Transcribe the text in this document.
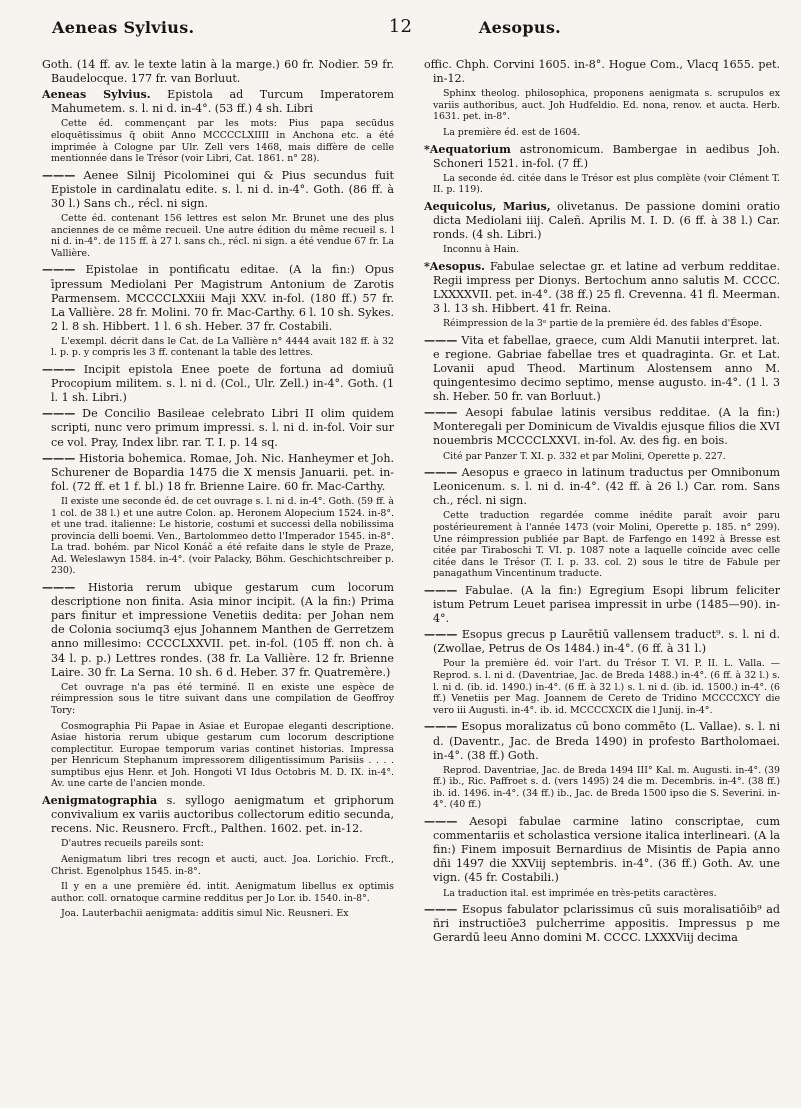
Aeneas Sylvius.	12	Aesopus.

Goth. (14 ff. av. le texte latin à la marge.) 60 fr. Nodier. 59 fr. Baudelocque. 177 fr. van Borluut.

Aeneas Sylvius. Epistola ad Turcum Imperatorem Mahumetem. s. l. ni d. in-4°. (53 ff.) 4 sh. Libri

Cette éd. commençant par les mots: Pius papa secūdus eloquētissimus q̄ obiit Anno MCCCCLXIIII in Anchona etc. a été imprimée à Cologne par Ulr. Zell vers 1468, mais diffère de celle mentionnée dans le Trésor (voir Libri, Cat. 1861. n° 28).

——— Aenee Silnij Picolominei qui & Pius secundus fuit Epistole in cardinalatu edite. s. l. ni d. in-4°. Goth. (86 ff. à 30 l.) Sans ch., récl. ni sign.

Cette éd. contenant 156 lettres est selon Mr. Brunet une des plus anciennes de ce même recueil. Une autre édition du même recueil s. l ni d. in-4°. de 115 ff. à 27 l. sans ch., récl. ni sign. a été vendue 67 fr. La Vallière.

——— Epistolae in pontificatu editae. (A la fin:) Opus īpressum Mediolani Per Magistrum Antonium de Zarotis Parmensem. MCCCCLXXiii Maji XXV. in-fol. (180 ff.) 57 fr. La Vallière. 28 fr. Molini. 70 fr. Mac-Carthy. 6 l. 10 sh. Sykes. 2 l. 8 sh. Hibbert. 1 l. 6 sh. Heber. 37 fr. Costabili.

L'exempl. décrit dans le Cat. de La Vallière n° 4444 avait 182 ff. à 32 l. p. p. y compris les 3 ff. contenant la table des lettres.

——— Incipit epistola Enee poete de fortuna ad domiuū Procopium militem. s. l. ni d. (Col., Ulr. Zell.) in-4°. Goth. (1 l. 1 sh. Libri.)

——— De Concilio Basileae celebrato Libri II olim quidem scripti, nunc vero primum impressi. s. l. ni d. in-fol. Voir sur ce vol. Pray, Index libr. rar. T. I. p. 14 sq.

——— Historia bohemica. Romae, Joh. Nic. Hanheymer et Joh. Schurener de Bopardia 1475 die X mensis Januarii. pet. in-fol. (72 ff. et 1 f. bl.) 18 fr. Brienne Laire. 60 fr. Mac-Carthy.

Il existe une seconde éd. de cet ouvrage s. l. ni d. in-4°. Goth. (59 ff. à 1 col. de 38 l.) et une autre Colon. ap. Heronem Alopecium 1524. in-8°. et une trad. italienne: Le historie, costumi et successi della nobilissima provincia delli boemi. Ven., Bartolommeo detto l'Imperador 1545. in-8°. La trad. bohém. par Nicol Konáč a été refaite dans le style de Praze, Ad. Weleslawyn 1584. in-4°. (voir Palacky, Böhm. Geschichtschreiber p. 230).

——— Historia rerum ubique gestarum cum locorum descriptione non finita. Asia minor incipit. (A la fin:) Prima pars finitur et impressione Venetiis dedita: per Johan nem de Colonia sociumq3 ejus Johannem Manthen de Gerretzem anno millesimo: CCCCLXXVII. pet. in-fol. (105 ff. non ch. à 34 l. p. p.) Lettres rondes. (38 fr. La Vallière. 12 fr. Brienne Laire. 30 fr. La Serna. 10 sh. 6 d. Heber. 37 fr. Quatremère.)

Cet ouvrage n'a pas été terminé. Il en existe une espèce de réimpression sous le titre suivant dans une compilation de Geoffroy Tory:

Cosmographia Pii Papae in Asiae et Europae eleganti descriptione. Asiae historia rerum ubique gestarum cum locorum descriptione complectitur. Europae temporum varias continet historias. Impressa per Henricum Stephanum impressorem diligentissimum Parisiis . . . . sumptibus ejus Henr. et Joh. Hongoti VI Idus Octobris M. D. IX. in-4°. Av. une carte de l'ancien monde.

Aenigmatographia s. syllogo aenigmatum et griphorum convivalium ex variis auctoribus collectorum editio secunda, recens. Nic. Reusnero. Frcft., Palthen. 1602. pet. in-12.

D'autres recueils pareils sont:

Aenigmatum libri tres recogn et aucti, auct. Joa. Lorichio. Frcft., Christ. Egenolphus 1545. in-8°.

Il y en a une première éd. intit. Aenigmatum libellus ex optimis author. coll. ornatoque carmine redditus per Jo Lor. ib. 1540. in-8°.

Joa. Lauterbachii aenigmata: additis simul Nic. Reusneri. Ex

offic. Chph. Corvini 1605. in-8°. Hogue Com., Vlacq 1655. pet. in-12.

Sphinx theolog. philosophica, proponens aenigmata s. scrupulos ex variis authoribus, auct. Joh Hudfeldio. Ed. nona, renov. et aucta. Herb. 1631. pet. in-8°.

La première éd. est de 1604.

*Aequatorium astronomicum. Bambergae in aedibus Joh. Schoneri 1521. in-fol. (7 ff.)

La seconde éd. citée dans le Trésor est plus complète (voir Clément T. II. p. 119).

Aequicolus, Marius, olivetanus. De passione domini oratio dicta Mediolani iiij. Caleñ. Aprilis M. I. D. (6 ff. à 38 l.) Car. ronds. (4 sh. Libri.)

Inconnu à Hain.

*Aesopus. Fabulae selectae gr. et latine ad verbum redditae. Regii impress per Dionys. Bertochum anno salutis M. CCCC. LXXXXVII. pet. in-4°. (38 ff.) 25 fl. Crevenna. 41 fl. Meerman. 3 l. 13 sh. Hibbert. 41 fr. Reina.

Réimpression de la 3ᵉ partie de la première éd. des fables d'Ésope.

——— Vita et fabellae, graece, cum Aldi Manutii interpret. lat. e regione. Gabriae fabellae tres et quadraginta. Gr. et Lat. Lovanii apud Theod. Martinum Alostensem anno M. quingentesimo decimo septimo, mense augusto. in-4°. (1 l. 3 sh. Heber. 50 fr. van Borluut.)

——— Aesopi fabulae latinis versibus redditae. (A la fin:) Monteregali per Dominicum de Vivaldis ejusque filios die XVI nouembris MCCCCLXXVI. in-fol. Av. des fig. en bois.

Cité par Panzer T. XI. p. 332 et par Molini, Operette p. 227.

——— Aesopus e graeco in latinum traductus per Omnibonum Leonicenum. s. l. ni d. in-4°. (42 ff. à 26 l.) Car. rom. Sans ch., récl. ni sign.

Cette traduction regardée comme inédite paraît avoir paru postérieurement à l'année 1473 (voir Molini, Operette p. 185. n° 299). Une réimpression publiée par Bapt. de Farfengo en 1492 à Bresse est citée par Tiraboschi T. VI. p. 1087 note a laquelle coïncide avec celle citée dans le Trésor (T. I. p. 33. col. 2) sous le titre de Fabule per panagathum Vincentinum traducte.

——— Fabulae. (A la fin:) Egregium Esopi librum feliciter istum Petrum Leuet parisea impressit in urbe (1485—90). in-4°.

——— Esopus grecus p Laurētiū vallensem traduct⁹. s. l. ni d. (Zwollae, Petrus de Os 1484.) in-4°. (6 ff. à 31 l.)

Pour la première éd. voir l'art. du Trésor T. VI. P. II. L. Valla. — Reprod. s. l. ni d. (Daventriae, Jac. de Breda 1488.) in-4°. (6 ff. à 32 l.) s. l. ni d. (ib. id. 1490.) in-4°. (6 ff. à 32 l.) s. l. ni d. (ib. id. 1500.) in-4°. (6 ff.) Venetiis per Mag. Joannem de Cereto de Tridino MCCCCXCY die vero iii Augusti. in-4°. ib. id. MCCCCXCIX die l Junij. in-4°.

——— Esopus moralizatus cū bono commēto (L. Vallae). s. l. ni d. (Daventr., Jac. de Breda 1490) in profesto Bartholomaei. in-4°. (38 ff.) Goth.

Reprod. Daventriae, Jac. de Breda 1494 III° Kal. m. Augusti. in-4°. (39 ff.) ib., Ric. Paffroet s. d. (vers 1495) 24 die m. Decembris. in-4°. (38 ff.) ib. id. 1496. in-4°. (34 ff.) ib., Jac. de Breda 1500 ipso die S. Severini. in-4°. (40 ff.)

——— Aesopi fabulae carmine latino conscriptae, cum commentariis et scholastica versione italica interlineari. (A la fin:) Finem imposuit Bernardiıus de Misintis de Papia anno dñi 1497 die XXViij septembris. in-4°. (36 ff.) Goth. Av. une vign. (45 fr. Costabili.)

La traduction ital. est imprimée en très-petits caractères.

——— Esopus fabulator pclarissimus cū suis moralisatiōib⁹ ad ñri instructiōe3 pulcherrime appositis. Impressus p me Gerardū leeu Anno domini M. CCCC. LXXXViij decima
